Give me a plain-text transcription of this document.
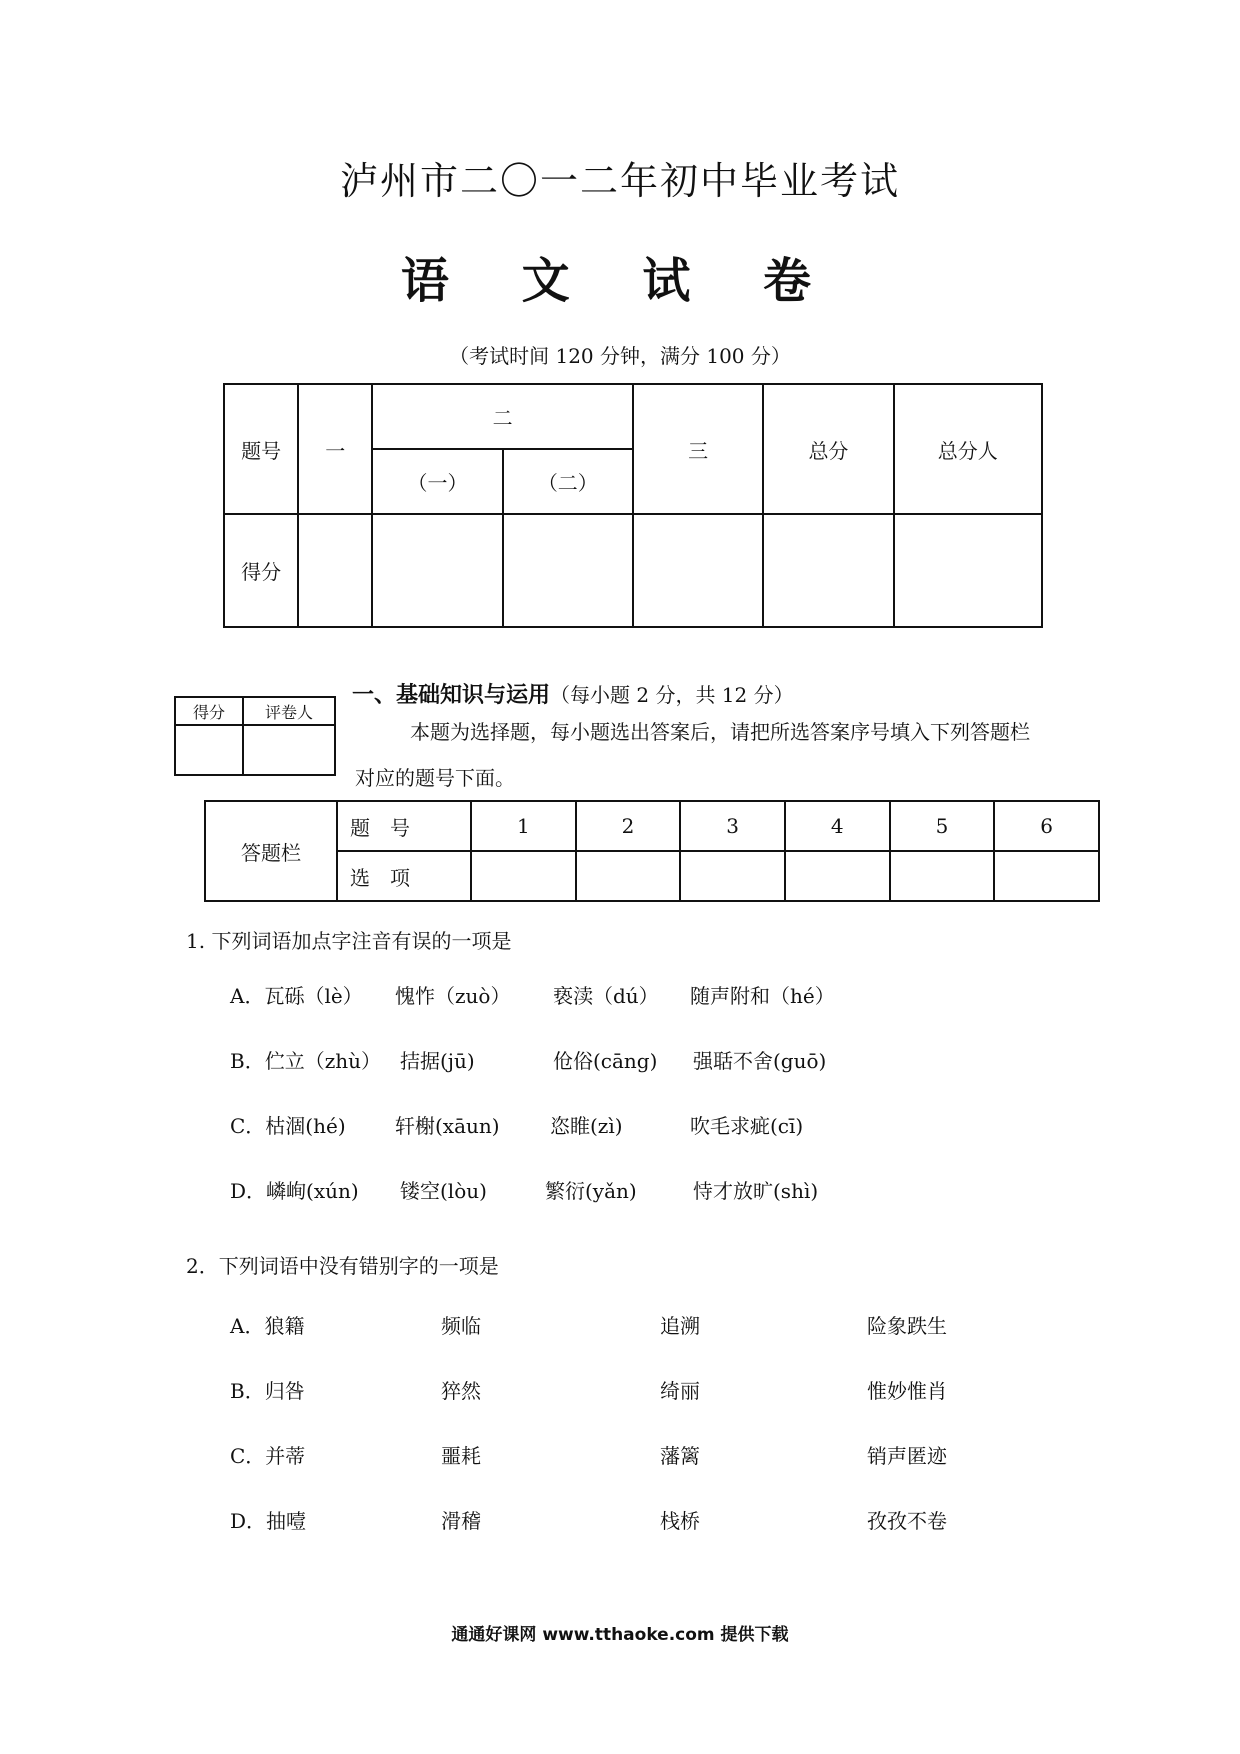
泸州市二〇一二年初中毕业考试
语 文 试 卷
（考试时间 120 分钟，满分 100 分）
题号	一	二		三	总分	总分人
		（一）	（二）			
得分						
得分	评卷人

一、基础知识与运用（每小题 2 分，共 12 分）
本题为选择题，每小题选出答案后，请把所选答案序号填入下列答题栏
对应的题号下面。
答题栏	题　号	1	2	3	4	5	6
	选　项						
1. 下列词语加点字注音有误的一项是
A．瓦砾（lè） 愧怍（zuò） 亵渎（dú） 随声附和（hé）
B．伫立（zhù） 拮据(jū)	伧俗(cāng) 强聒不舍(guō)
C．枯涸(hé) 轩榭(xāun)	恣睢(zì)	吹毛求疵(cī)
D．嶙峋(xún) 镂空(lòu)	繁衍(yǎn)	恃才放旷(shì)
2．下列词语中没有错别字的一项是
A．狼籍	频临	追溯	险象跌生
B．归咎	猝然	绮丽	惟妙惟肖
C．并蒂	噩耗	藩篱	销声匿迹
D．抽噎	滑稽	栈桥	孜孜不卷
通通好课网 www.tthaoke.com 提供下载
